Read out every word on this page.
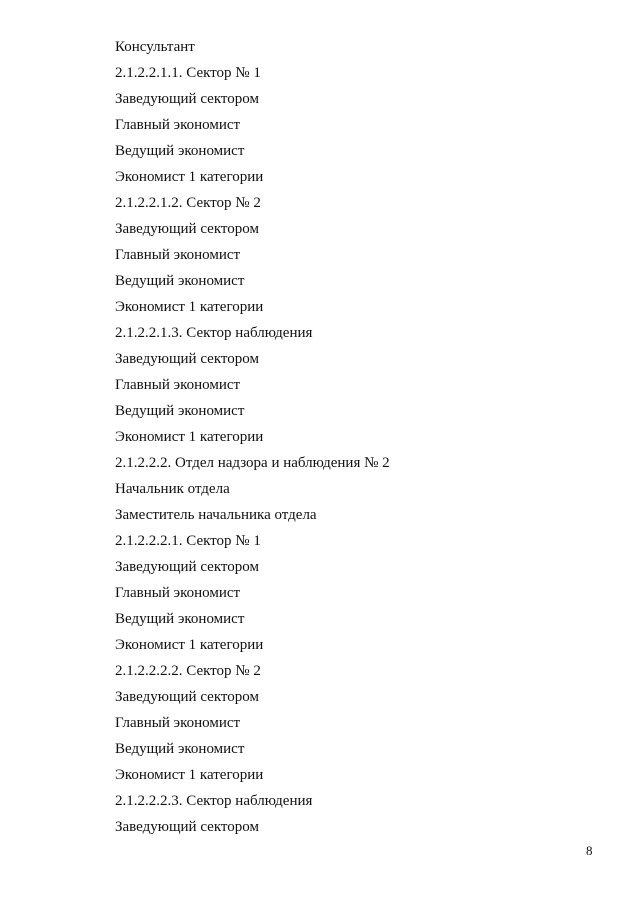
Консультант
2.1.2.2.1.1. Сектор № 1
Заведующий сектором
Главный экономист
Ведущий экономист
Экономист 1 категории
2.1.2.2.1.2. Сектор № 2
Заведующий сектором
Главный экономист
Ведущий экономист
Экономист 1 категории
2.1.2.2.1.3. Сектор наблюдения
Заведующий сектором
Главный экономист
Ведущий экономист
Экономист 1 категории
2.1.2.2.2. Отдел надзора и наблюдения № 2
Начальник отдела
Заместитель начальника отдела
2.1.2.2.2.1. Сектор № 1
Заведующий сектором
Главный экономист
Ведущий экономист
Экономист 1 категории
2.1.2.2.2.2. Сектор № 2
Заведующий сектором
Главный экономист
Ведущий экономист
Экономист 1 категории
2.1.2.2.2.3. Сектор наблюдения
Заведующий сектором
8
